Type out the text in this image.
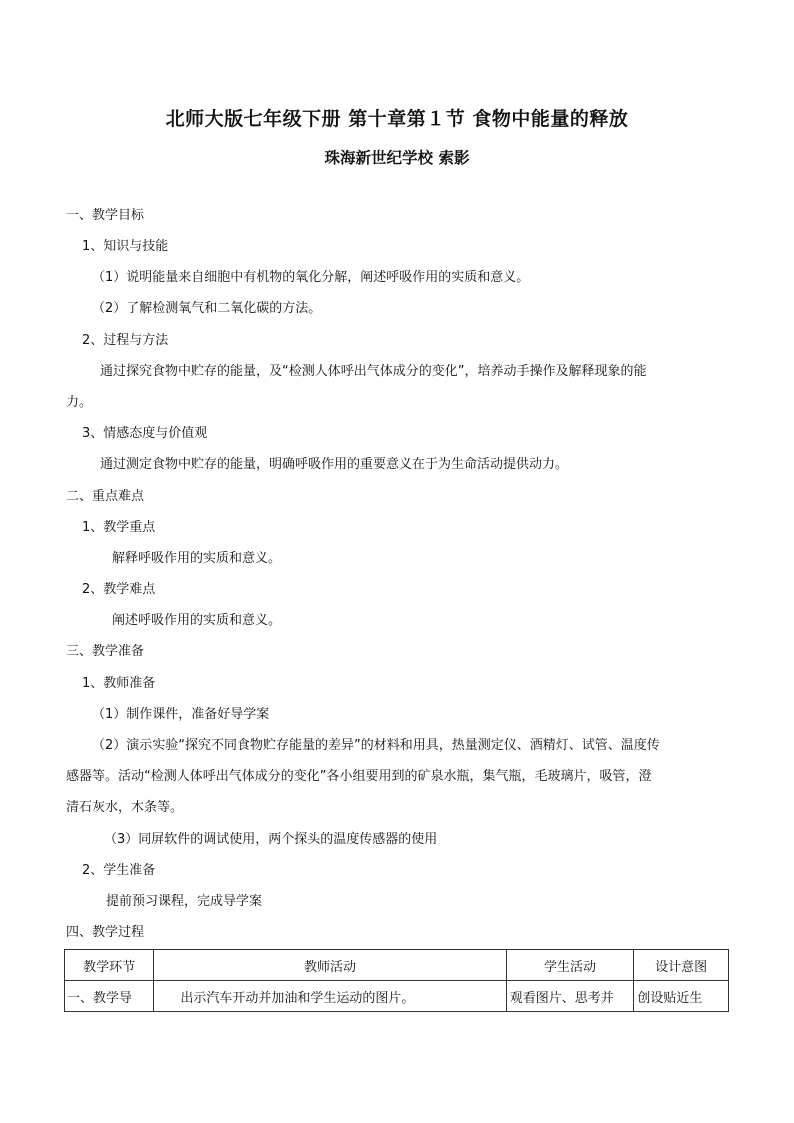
北师大版七年级下册 第十章第１节 食物中能量的释放
珠海新世纪学校 索影
一、教学目标
1、知识与技能
（1）说明能量来自细胞中有机物的氧化分解，阐述呼吸作用的实质和意义。
（2）了解检测氧气和二氧化碳的方法。
2、过程与方法
通过探究食物中贮存的能量，及“检测人体呼出气体成分的变化”，培养动手操作及解释现象的能
力。
3、情感态度与价值观
通过测定食物中贮存的能量，明确呼吸作用的重要意义在于为生命活动提供动力。
二、重点难点
1、教学重点
解释呼吸作用的实质和意义。
2、教学难点
阐述呼吸作用的实质和意义。
三、教学准备
1、教师准备
（1）制作课件，准备好导学案
（2）演示实验“探究不同食物贮存能量的差异”的材料和用具，热量测定仪、酒精灯、试管、温度传
感器等。活动“检测人体呼出气体成分的变化”各小组要用到的矿泉水瓶，集气瓶，毛玻璃片，吸管，澄
清石灰水，木条等。
（3）同屏软件的调试使用，两个探头的温度传感器的使用
2、学生准备
提前预习课程，完成导学案
四、教学过程
教学环节	教师活动	学生活动	设计意图
一、教学导	出示汽车开动并加油和学生运动的图片。	观看图片、思考并	创设贴近生
